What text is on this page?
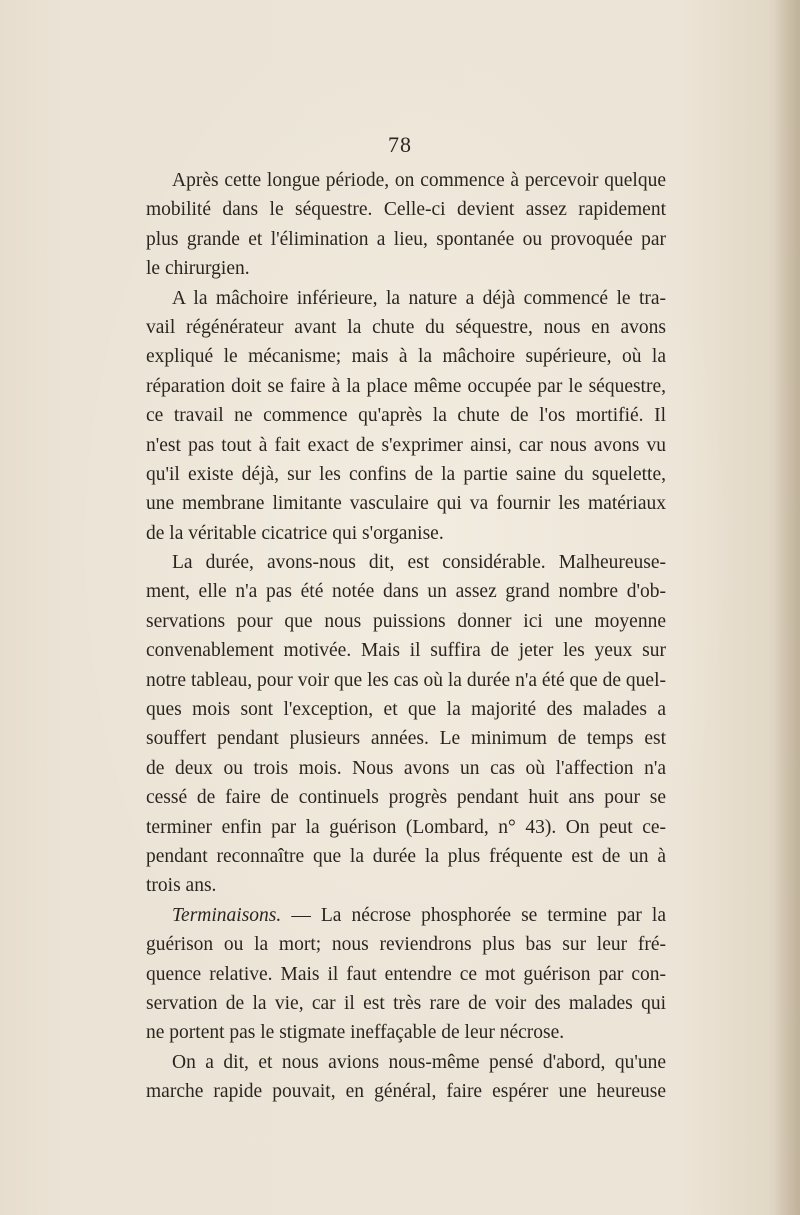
78
Après cette longue période, on commence à percevoir quelque
mobilité dans le séquestre. Celle-ci devient assez rapidement
plus grande et l'élimination a lieu, spontanée ou provoquée par
le chirurgien.
A la mâchoire inférieure, la nature a déjà commencé le tra-
vail régénérateur avant la chute du séquestre, nous en avons
expliqué le mécanisme; mais à la mâchoire supérieure, où la
réparation doit se faire à la place même occupée par le séquestre,
ce travail ne commence qu'après la chute de l'os mortifié. Il
n'est pas tout à fait exact de s'exprimer ainsi, car nous avons vu
qu'il existe déjà, sur les confins de la partie saine du squelette,
une membrane limitante vasculaire qui va fournir les matériaux
de la véritable cicatrice qui s'organise.
La durée, avons-nous dit, est considérable. Malheureuse-
ment, elle n'a pas été notée dans un assez grand nombre d'ob-
servations pour que nous puissions donner ici une moyenne
convenablement motivée. Mais il suffira de jeter les yeux sur
notre tableau, pour voir que les cas où la durée n'a été que de quel-
ques mois sont l'exception, et que la majorité des malades a
souffert pendant plusieurs années. Le minimum de temps est
de deux ou trois mois. Nous avons un cas où l'affection n'a
cessé de faire de continuels progrès pendant huit ans pour se
terminer enfin par la guérison (Lombard, n° 43). On peut ce-
pendant reconnaître que la durée la plus fréquente est de un à
trois ans.
Terminaisons. — La nécrose phosphorée se termine par la
guérison ou la mort; nous reviendrons plus bas sur leur fré-
quence relative. Mais il faut entendre ce mot guérison par con-
servation de la vie, car il est très rare de voir des malades qui
ne portent pas le stigmate ineffaçable de leur nécrose.
On a dit, et nous avions nous-même pensé d'abord, qu'une
marche rapide pouvait, en général, faire espérer une heureuse
